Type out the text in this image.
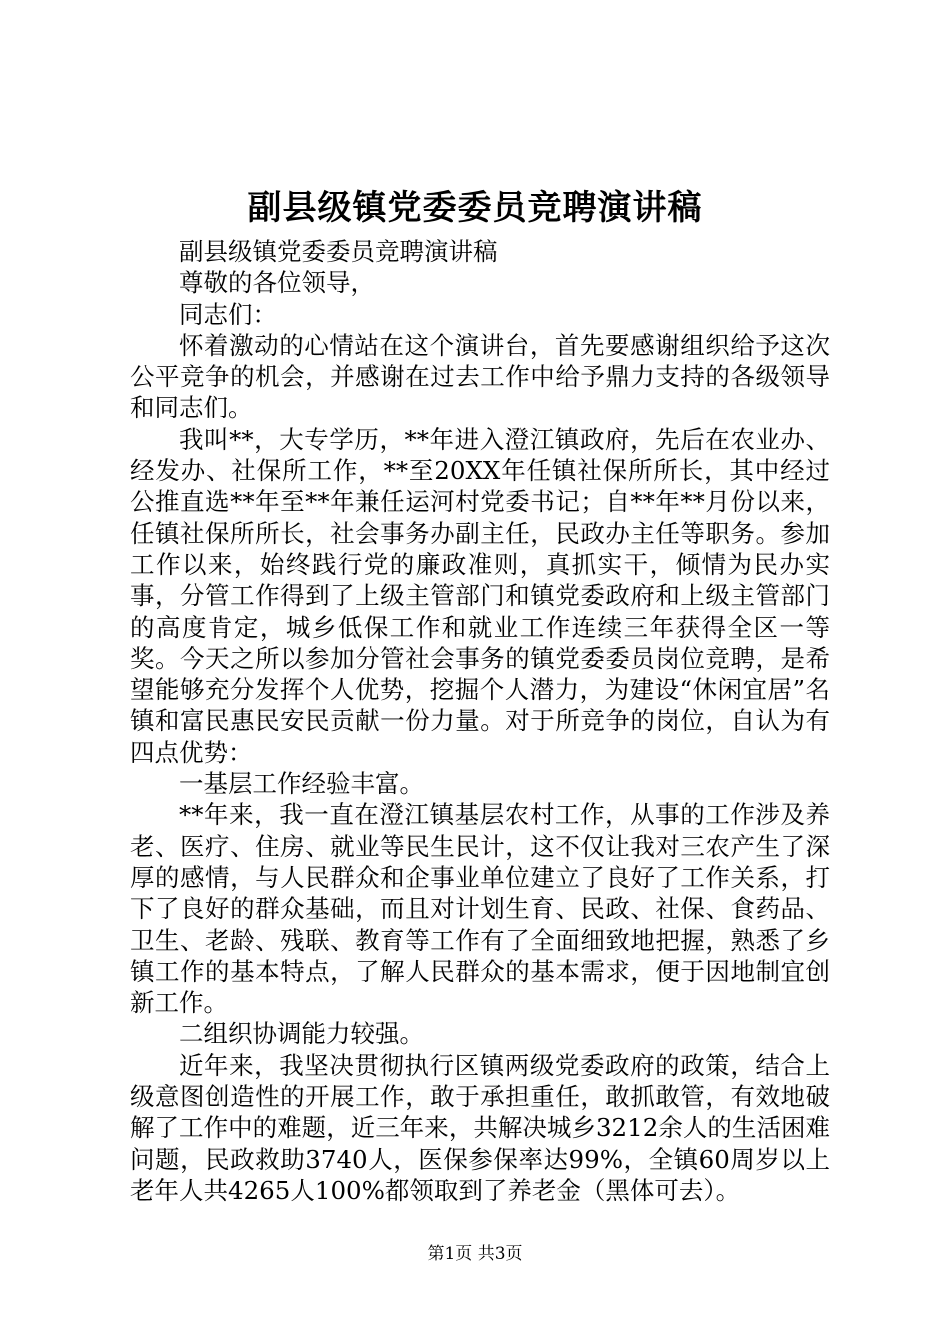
副县级镇党委委员竞聘演讲稿

副县级镇党委委员竞聘演讲稿

尊敬的各位领导，

同志们：

怀着激动的心情站在这个演讲台，首先要感谢组织给予这次公平竞争的机会，并感谢在过去工作中给予鼎力支持的各级领导和同志们。

我叫**，大专学历，**年进入澄江镇政府，先后在农业办、经发办、社保所工作，**至20XX年任镇社保所所长，其中经过公推直选**年至**年兼任运河村党委书记；自**年**月份以来，任镇社保所所长，社会事务办副主任，民政办主任等职务。参加工作以来，始终践行党的廉政准则，真抓实干，倾情为民办实事，分管工作得到了上级主管部门和镇党委政府和上级主管部门的高度肯定，城乡低保工作和就业工作连续三年获得全区一等奖。今天之所以参加分管社会事务的镇党委委员岗位竞聘，是希望能够充分发挥个人优势，挖掘个人潜力，为建设“休闲宜居”名镇和富民惠民安民贡献一份力量。对于所竞争的岗位，自认为有四点优势：

一基层工作经验丰富。

**年来，我一直在澄江镇基层农村工作，从事的工作涉及养老、医疗、住房、就业等民生民计，这不仅让我对三农产生了深厚的感情，与人民群众和企事业单位建立了良好了工作关系，打下了良好的群众基础，而且对计划生育、民政、社保、食药品、卫生、老龄、残联、教育等工作有了全面细致地把握，熟悉了乡镇工作的基本特点，了解人民群众的基本需求，便于因地制宜创新工作。

二组织协调能力较强。

近年来，我坚决贯彻执行区镇两级党委政府的政策，结合上级意图创造性的开展工作，敢于承担重任，敢抓敢管，有效地破解了工作中的难题，近三年来，共解决城乡3212余人的生活困难问题，民政救助3740人，医保参保率达99%，全镇60周岁以上老年人共4265人100%都领取到了养老金（黑体可去）。

第1页 共3页
